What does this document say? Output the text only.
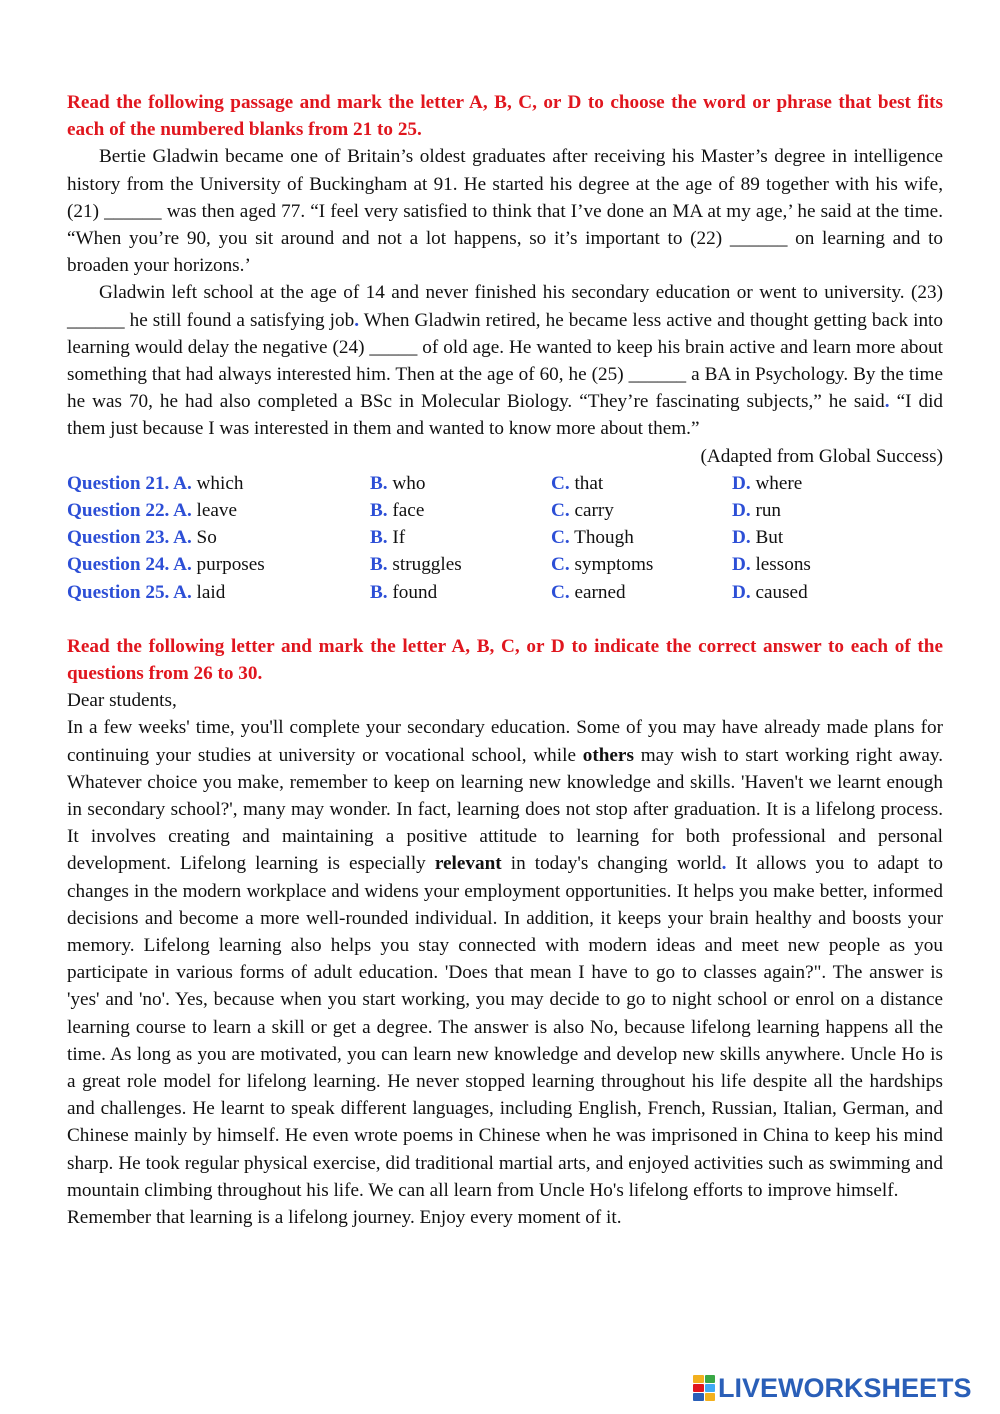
Read the following passage and mark the letter A, B, C, or D to choose the word or phrase that best fits each of the numbered blanks from 21 to 25.

Bertie Gladwin became one of Britain’s oldest graduates after receiving his Master’s degree in intelligence history from the University of Buckingham at 91. He started his degree at the age of 89 together with his wife, (21) ______ was then aged 77. “I feel very satisfied to think that I’ve done an MA at my age,’ he said at the time. “When you’re 90, you sit around and not a lot happens, so it’s important to (22) ______ on learning and to broaden your horizons.’

Gladwin left school at the age of 14 and never finished his secondary education or went to university. (23) ______ he still found a satisfying job. When Gladwin retired, he became less active and thought getting back into learning would delay the negative (24) _____ of old age. He wanted to keep his brain active and learn more about something that had always interested him. Then at the age of 60, he (25) ______ a BA in Psychology. By the time he was 70, he had also completed a BSc in Molecular Biology. “They’re fascinating subjects,” he said. “I did them just because I was interested in them and wanted to know more about them.”

(Adapted from Global Success)

Question 21. A. which	B. who	C. that	D. where
Question 22. A. leave	B. face	C. carry	D. run
Question 23. A. So	B. If	C. Though	D. But
Question 24. A. purposes	B. struggles	C. symptoms	D. lessons
Question 25. A. laid	B. found	C. earned	D. caused
Read the following letter and mark the letter A, B, C, or D to indicate the correct answer to each of the questions from 26 to 30.

Dear students,

In a few weeks' time, you'll complete your secondary education. Some of you may have already made plans for continuing your studies at university or vocational school, while others may wish to start working right away. Whatever choice you make, remember to keep on learning new knowledge and skills. 'Haven't we learnt enough in secondary school?', many may wonder. In fact, learning does not stop after graduation. It is a lifelong process. It involves creating and maintaining a positive attitude to learning for both professional and personal development. Lifelong learning is especially relevant in today's changing world. It allows you to adapt to changes in the modern workplace and widens your employment opportunities. It helps you make better, informed decisions and become a more well-rounded individual. In addition, it keeps your brain healthy and boosts your memory. Lifelong learning also helps you stay connected with modern ideas and meet new people as you participate in various forms of adult education. 'Does that mean I have to go to classes again?". The answer is 'yes' and 'no'. Yes, because when you start working, you may decide to go to night school or enrol on a distance learning course to learn a skill or get a degree. The answer is also No, because lifelong learning happens all the time. As long as you are motivated, you can learn new knowledge and develop new skills anywhere. Uncle Ho is a great role model for lifelong learning. He never stopped learning throughout his life despite all the hardships and challenges. He learnt to speak different languages, including English, French, Russian, Italian, German, and Chinese mainly by himself. He even wrote poems in Chinese when he was imprisoned in China to keep his mind sharp. He took regular physical exercise, did traditional martial arts, and enjoyed activities such as swimming and mountain climbing throughout his life. We can all learn from Uncle Ho's lifelong efforts to improve himself.

Remember that learning is a lifelong journey. Enjoy every moment of it.

LIVEWORKSHEETS
